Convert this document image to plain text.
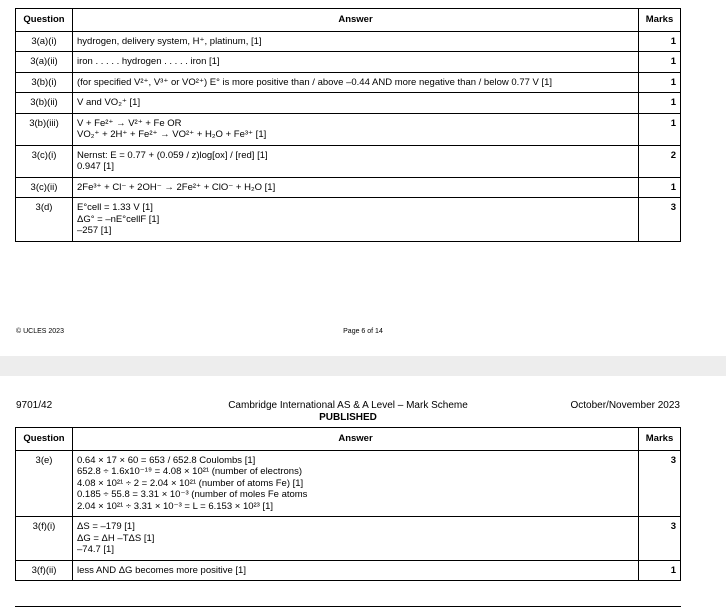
Question	Answer	Marks
3(a)(i)	hydrogen, delivery system, H⁺, platinum, [1]	1
3(a)(ii)	iron . . . . . hydrogen . . . . . iron [1]	1
3(b)(i)	(for specified V²⁺, V³⁺ or VO²⁺) E° is more positive than / above –0.44 AND more negative than / below 0.77 V [1]	1
3(b)(ii)	V and VO₂⁺ [1]	1
3(b)(iii)	V + Fe²⁺ → V²⁺ + Fe OR
VO₂⁺ + 2H⁺ + Fe²⁺ → VO²⁺ + H₂O + Fe³⁺ [1]	1
3(c)(i)	Nernst: E = 0.77 + (0.059 / z)log[ox] / [red] [1]
0.947 [1]	2
3(c)(ii)	2Fe³⁺ + Cl⁻ + 2OH⁻ → 2Fe²⁺ + ClO⁻ + H₂O [1]	1
3(d)	E°cell = 1.33 V [1]
ΔG° = –nE°cellF [1]
–257 [1]	3
© UCLES 2023	Page 6 of 14
9701/42	Cambridge International AS & A Level – Mark Scheme
PUBLISHED
October/November 2023
Question	Answer	Marks
3(e)	0.64 × 17 × 60 = 653 / 652.8 Coulombs [1]
652.8 ÷ 1.6x10⁻¹⁹ = 4.08 × 10²¹ (number of electrons)
4.08 × 10²¹ ÷ 2 = 2.04 × 10²¹ (number of atoms Fe) [1]
0.185 ÷ 55.8 = 3.31 × 10⁻³ (number of moles Fe atoms
2.04 × 10²¹ ÷ 3.31 × 10⁻³ = L = 6.153 × 10²³ [1]	3
3(f)(i)	ΔS = –179 [1]
ΔG = ΔH –TΔS [1]
–74.7 [1]	3
3(f)(ii)	less AND ΔG becomes more positive [1]	1
